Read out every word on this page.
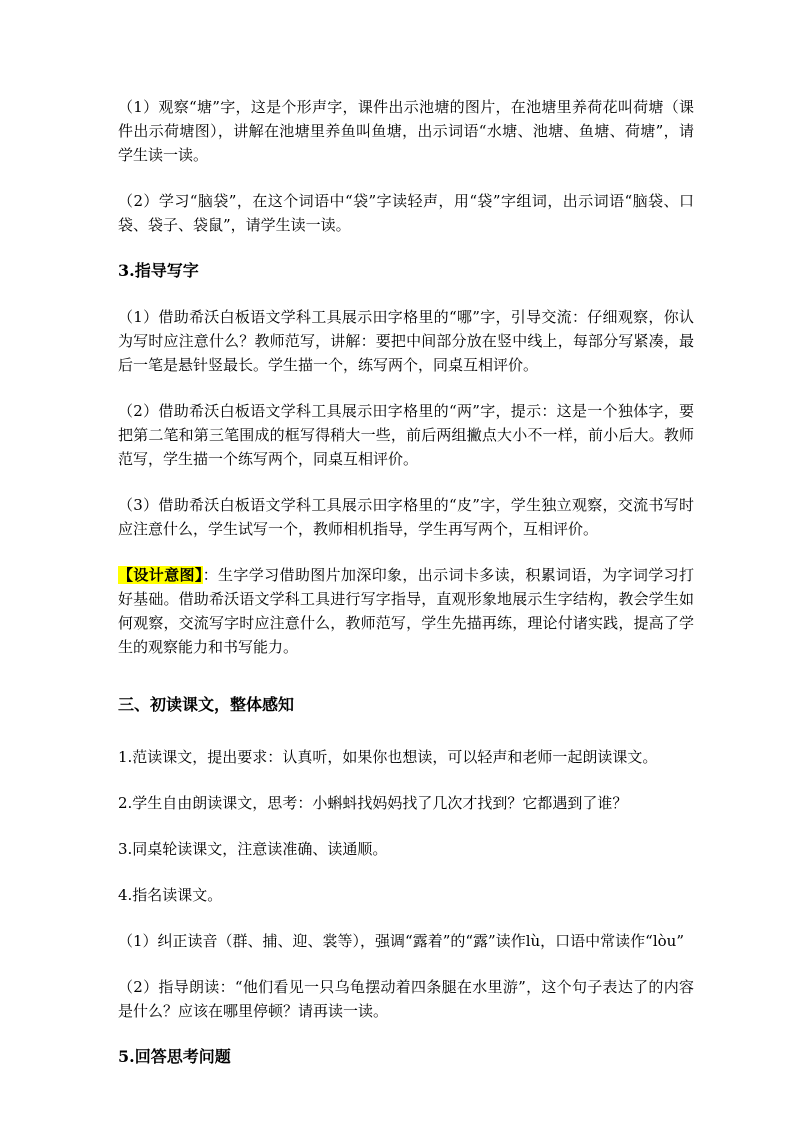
（1）观察“塘”字，这是个形声字，课件出示池塘的图片，在池塘里养荷花叫荷塘（课件出示荷塘图），讲解在池塘里养鱼叫鱼塘，出示词语“水塘、池塘、鱼塘、荷塘”，请学生读一读。

（2）学习“脑袋”，在这个词语中“袋”字读轻声，用“袋”字组词，出示词语“脑袋、口袋、袋子、袋鼠”，请学生读一读。

3.指导写字

（1）借助希沃白板语文学科工具展示田字格里的“哪”字，引导交流：仔细观察，你认为写时应注意什么？教师范写，讲解：要把中间部分放在竖中线上，每部分写紧凑，最后一笔是悬针竖最长。学生描一个，练写两个，同桌互相评价。

（2）借助希沃白板语文学科工具展示田字格里的“两”字，提示：这是一个独体字，要把第二笔和第三笔围成的框写得稍大一些，前后两组撇点大小不一样，前小后大。教师范写，学生描一个练写两个，同桌互相评价。

（3）借助希沃白板语文学科工具展示田字格里的“皮”字，学生独立观察，交流书写时应注意什么，学生试写一个，教师相机指导，学生再写两个，互相评价。

【设计意图】：生字学习借助图片加深印象，出示词卡多读，积累词语，为字词学习打好基础。借助希沃语文学科工具进行写字指导，直观形象地展示生字结构，教会学生如何观察，交流写字时应注意什么，教师范写，学生先描再练，理论付诸实践，提高了学生的观察能力和书写能力。

三、初读课文，整体感知

1.范读课文，提出要求：认真听，如果你也想读，可以轻声和老师一起朗读课文。

2.学生自由朗读课文，思考：小蝌蚪找妈妈找了几次才找到？它都遇到了谁？

3.同桌轮读课文，注意读准确、读通顺。

4.指名读课文。

（1）纠正读音（群、捕、迎、裳等），强调“露着”的“露”读作lù，口语中常读作“lòu”

（2）指导朗读：“他们看见一只乌龟摆动着四条腿在水里游”，这个句子表达了的内容是什么？应该在哪里停顿？请再读一读。

5.回答思考问题
